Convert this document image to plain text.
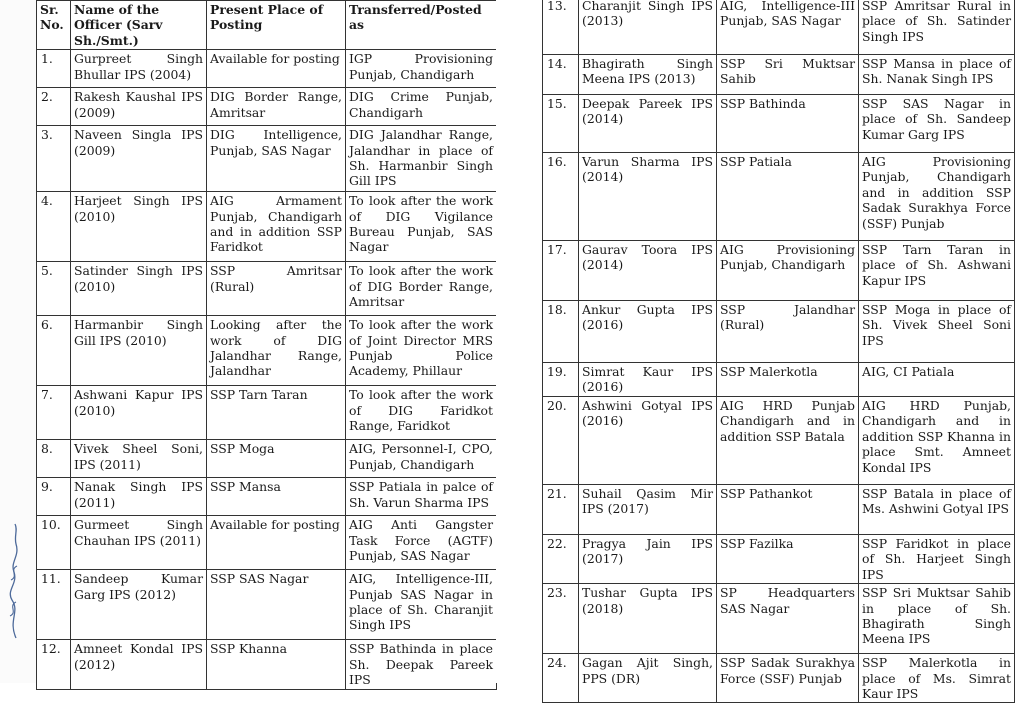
Sr. No.	Name of the Officer (Sarv Sh./Smt.)	Present Place of Posting	Transferred/Posted as
1.	Gurpreet Singh Bhullar IPS (2004)	Available for posting	IGP Provisioning Punjab, Chandigarh
2.	Rakesh Kaushal IPS (2009)	DIG Border Range, Amritsar	DIG Crime Punjab, Chandigarh
3.	Naveen Singla IPS (2009)	DIG Intelligence, Punjab, SAS Nagar	DIG Jalandhar Range, Jalandhar in place of Sh. Harmanbir Singh Gill IPS
4.	Harjeet Singh IPS (2010)	AIG Armament Punjab, Chandigarh and in addition SSP Faridkot	To look after the work of DIG Vigilance Bureau Punjab, SAS Nagar
5.	Satinder Singh IPS (2010)	SSP Amritsar (Rural)	To look after the work of DIG Border Range, Amritsar
6.	Harmanbir Singh Gill IPS (2010)	Looking after the work of DIG Jalandhar Range, Jalandhar	To look after the work of Joint Director MRS Punjab Police Academy, Phillaur
7.	Ashwani Kapur IPS (2010)	SSP Tarn Taran	To look after the work of DIG Faridkot Range, Faridkot
8.	Vivek Sheel Soni, IPS (2011)	SSP Moga	AIG, Personnel-I, CPO, Punjab, Chandigarh
9.	Nanak Singh IPS (2011)	SSP Mansa	SSP Patiala in palce of Sh. Varun Sharma IPS
10.	Gurmeet Singh Chauhan IPS (2011)	Available for posting	AIG Anti Gangster Task Force (AGTF) Punjab, SAS Nagar
11.	Sandeep Kumar Garg IPS (2012)	SSP SAS Nagar	AIG, Intelligence-III, Punjab SAS Nagar in place of Sh. Charanjit Singh IPS
12.	Amneet Kondal IPS (2012)	SSP Khanna	SSP Bathinda in place Sh. Deepak Pareek IPS
13.	Charanjit Singh IPS (2013)	AIG, Intelligence-III Punjab, SAS Nagar	SSP Amritsar Rural in place of Sh. Satinder Singh IPS
14.	Bhagirath Singh Meena IPS (2013)	SSP Sri Muktsar Sahib	SSP Mansa in place of Sh. Nanak Singh IPS
15.	Deepak Pareek IPS (2014)	SSP Bathinda	SSP SAS Nagar in place of Sh. Sandeep Kumar Garg IPS
16.	Varun Sharma IPS (2014)	SSP Patiala	AIG Provisioning Punjab, Chandigarh and in addition SSP Sadak Surakhya Force (SSF) Punjab
17.	Gaurav Toora IPS (2014)	AIG Provisioning Punjab, Chandigarh	SSP Tarn Taran in place of Sh. Ashwani Kapur IPS
18.	Ankur Gupta IPS (2016)	SSP Jalandhar (Rural)	SSP Moga in place of Sh. Vivek Sheel Soni IPS
19.	Simrat Kaur IPS (2016)	SSP Malerkotla	AIG, CI Patiala
20.	Ashwini Gotyal IPS (2016)	AIG HRD Punjab Chandigarh and in addition SSP Batala	AIG HRD Punjab, Chandigarh and in addition SSP Khanna in place Smt. Amneet Kondal IPS
21.	Suhail Qasim Mir IPS (2017)	SSP Pathankot	SSP Batala in place of Ms. Ashwini Gotyal IPS
22.	Pragya Jain IPS (2017)	SSP Fazilka	SSP Faridkot in place of Sh. Harjeet Singh IPS
23.	Tushar Gupta IPS (2018)	SP Headquarters SAS Nagar	SSP Sri Muktsar Sahib in place of Sh. Bhagirath Singh Meena IPS
24.	Gagan Ajit Singh, PPS (DR)	SSP Sadak Surakhya Force (SSF) Punjab	SSP Malerkotla in place of Ms. Simrat Kaur IPS
